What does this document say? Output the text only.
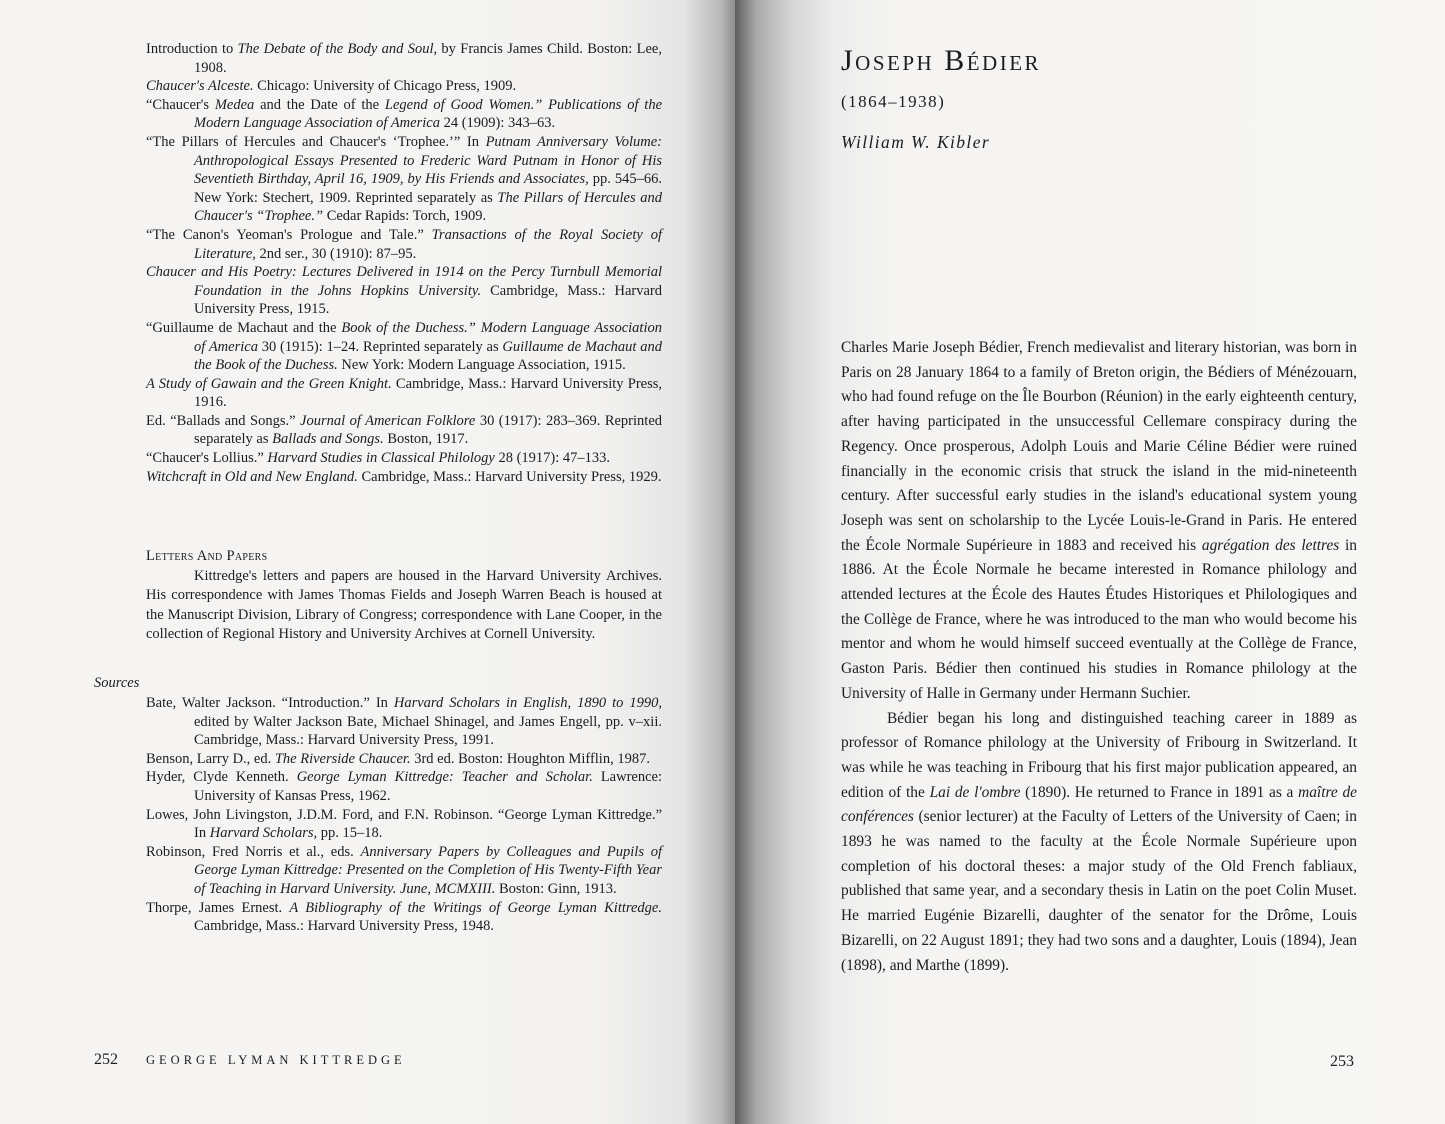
Introduction to The Debate of the Body and Soul, by Francis James Child. Boston: Lee, 1908.

Chaucer's Alceste. Chicago: University of Chicago Press, 1909.

“Chaucer's Medea and the Date of the Legend of Good Women.” Publications of the Modern Language Association of America 24 (1909): 343–63.

“The Pillars of Hercules and Chaucer's ‘Trophee.’” In Putnam Anniversary Volume: Anthropological Essays Presented to Frederic Ward Putnam in Honor of His Seventieth Birthday, April 16, 1909, by His Friends and Associates, pp. 545–66. New York: Stechert, 1909. Reprinted separately as The Pillars of Hercules and Chaucer's “Trophee.” Cedar Rapids: Torch, 1909.

“The Canon's Yeoman's Prologue and Tale.” Transactions of the Royal Society of Literature, 2nd ser., 30 (1910): 87–95.

Chaucer and His Poetry: Lectures Delivered in 1914 on the Percy Turnbull Memorial Foundation in the Johns Hopkins University. Cambridge, Mass.: Harvard University Press, 1915.

“Guillaume de Machaut and the Book of the Duchess.” Modern Language Association of America 30 (1915): 1–24. Reprinted separately as Guillaume de Machaut and the Book of the Duchess. New York: Modern Language Association, 1915.

A Study of Gawain and the Green Knight. Cambridge, Mass.: Harvard University Press, 1916.

Ed. “Ballads and Songs.” Journal of American Folklore 30 (1917): 283–369. Reprinted separately as Ballads and Songs. Boston, 1917.

“Chaucer's Lollius.” Harvard Studies in Classical Philology 28 (1917): 47–133.

Witchcraft in Old and New England. Cambridge, Mass.: Harvard University Press, 1929.

Letters And Papers

Kittredge's letters and papers are housed in the Harvard University Archives. His correspondence with James Thomas Fields and Joseph Warren Beach is housed at the Manuscript Division, Library of Congress; correspondence with Lane Cooper, in the collection of Regional History and University Archives at Cornell University.

Sources

Bate, Walter Jackson. “Introduction.” In Harvard Scholars in English, 1890 to 1990, edited by Walter Jackson Bate, Michael Shinagel, and James Engell, pp. v–xii. Cambridge, Mass.: Harvard University Press, 1991.

Benson, Larry D., ed. The Riverside Chaucer. 3rd ed. Boston: Houghton Mifflin, 1987.

Hyder, Clyde Kenneth. George Lyman Kittredge: Teacher and Scholar. Lawrence: University of Kansas Press, 1962.

Lowes, John Livingston, J.D.M. Ford, and F.N. Robinson. “George Lyman Kittredge.” In Harvard Scholars, pp. 15–18.

Robinson, Fred Norris et al., eds. Anniversary Papers by Colleagues and Pupils of George Lyman Kittredge: Presented on the Completion of His Twenty-Fifth Year of Teaching in Harvard University. June, MCMXIII. Boston: Ginn, 1913.

Thorpe, James Ernest. A Bibliography of the Writings of George Lyman Kittredge. Cambridge, Mass.: Harvard University Press, 1948.

252 GEORGE LYMAN KITTREDGE
Joseph Bédier
(1864–1938)
William W. Kibler

Charles Marie Joseph Bédier, French medievalist and literary historian, was born in Paris on 28 January 1864 to a family of Breton origin, the Bédiers of Ménézouarn, who had found refuge on the Île Bourbon (Réunion) in the early eighteenth century, after having participated in the unsuccessful Cellemare conspiracy during the Regency. Once prosperous, Adolph Louis and Marie Céline Bédier were ruined financially in the economic crisis that struck the island in the mid-nineteenth century. After successful early studies in the island's educational system young Joseph was sent on scholarship to the Lycée Louis-le-Grand in Paris. He entered the École Normale Supérieure in 1883 and received his agrégation des lettres in 1886. At the École Normale he became interested in Romance philology and attended lectures at the École des Hautes Études Historiques et Philologiques and the Collège de France, where he was introduced to the man who would become his mentor and whom he would himself succeed eventually at the Collège de France, Gaston Paris. Bédier then continued his studies in Romance philology at the University of Halle in Germany under Hermann Suchier.

Bédier began his long and distinguished teaching career in 1889 as professor of Romance philology at the University of Fribourg in Switzerland. It was while he was teaching in Fribourg that his first major publication appeared, an edition of the Lai de l'ombre (1890). He returned to France in 1891 as a maître de conférences (senior lecturer) at the Faculty of Letters of the University of Caen; in 1893 he was named to the faculty at the École Normale Supérieure upon completion of his doctoral theses: a major study of the Old French fabliaux, published that same year, and a secondary thesis in Latin on the poet Colin Muset. He married Eugénie Bizarelli, daughter of the senator for the Drôme, Louis Bizarelli, on 22 August 1891; they had two sons and a daughter, Louis (1894), Jean (1898), and Marthe (1899).

253
